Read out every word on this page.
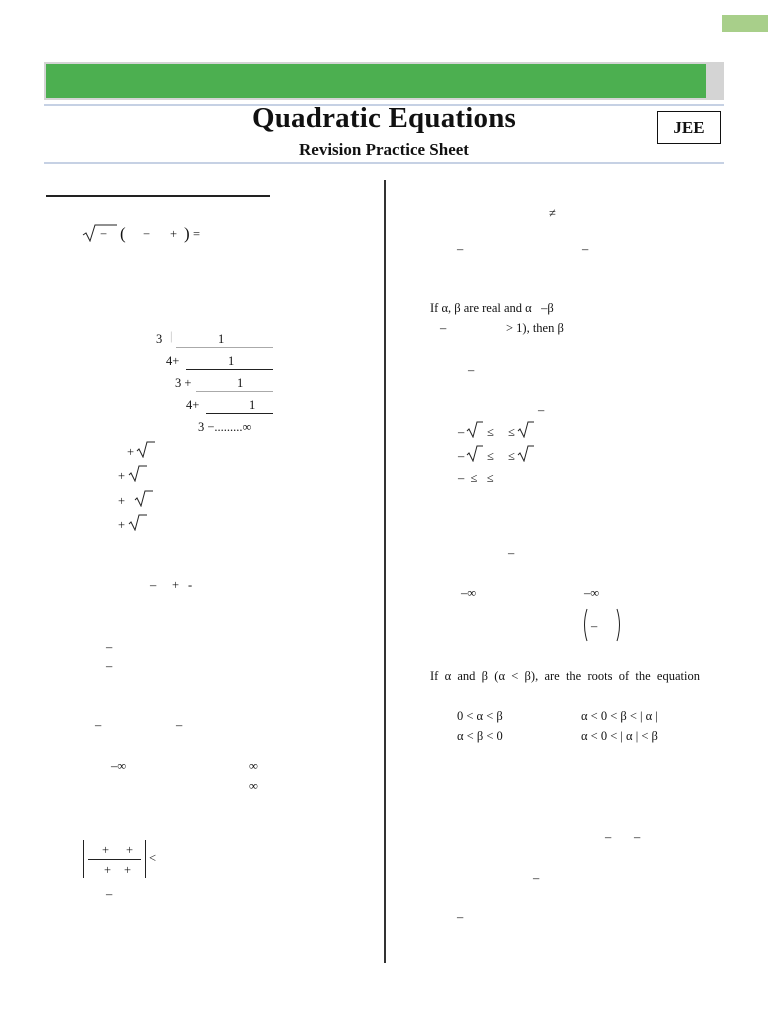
Quadratic Equations
Revision Practice Sheet
JEE
− ( − + ) =
3 |	1
4+	1
3 +	1
4+	1
3 −.........∞
+
+
+
+
– + -
–
–
–	–
–∞	∞
∞
+ +
+ +
<
–
≠
–	–
If α, β are real and α   –β
–	> 1), then β
–
–
– ≤ ≤
– ≤ ≤
–  ≤   ≤
–
–∞	–∞
–
If  α  and  β  (α  <  β),  are  the  roots  of  the  equation
0 < α < β	α < 0 < β < | α |
α < β < 0	α < 0 < | α | < β
– –
–
–
